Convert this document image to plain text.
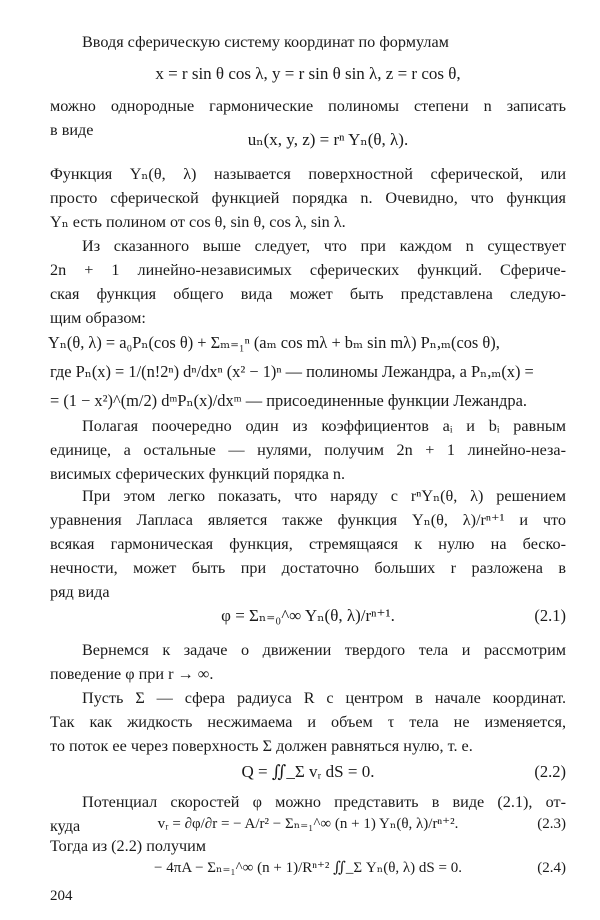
Вводя сферическую систему координат по формулам
x = r sin θ cos λ, y = r sin θ sin λ, z = r cos θ,
можно однородные гармонические полиномы степени n записать
в виде	uₙ(x, y, z) = rⁿ Yₙ(θ, λ).
Функция Yₙ(θ, λ) называется поверхностной сферической, или
просто сферической функцией порядка n. Очевидно, что функция
Yₙ есть полином от cos θ, sin θ, cos λ, sin λ.
Из сказанного выше следует, что при каждом n существует
2n + 1 линейно-независимых сферических функций. Сфериче-
ская функция общего вида может быть представлена следую-
щим образом:
Yₙ(θ, λ) = a₀Pₙ(cos θ) + Σₘ₌₁ⁿ (aₘ cos mλ + bₘ sin mλ) Pₙ,ₘ(cos θ),
где Pₙ(x) = 1/(n!2ⁿ) dⁿ/dxⁿ (x² − 1)ⁿ — полиномы Лежандра, а Pₙ,ₘ(x) =
= (1 − x²)^(m/2) dᵐPₙ(x)/dxᵐ — присоединенные функции Лежандра.
Полагая поочередно один из коэффициентов aᵢ и bᵢ равным
единице, а остальные — нулями, получим 2n + 1 линейно-неза-
висимых сферических функций порядка n.
При этом легко показать, что наряду с rⁿYₙ(θ, λ) решением
уравнения Лапласа является также функция Yₙ(θ, λ)/rⁿ⁺¹ и что
всякая гармоническая функция, стремящаяся к нулю на беско-
нечности, может быть при достаточно больших r разложена в
ряд вида
φ = Σₙ₌₀^∞ Yₙ(θ, λ)/rⁿ⁺¹.	(2.1)
Вернемся к задаче о движении твердого тела и рассмотрим
поведение φ при r → ∞.
Пусть Σ — сфера радиуса R с центром в начале координат.
Так как жидкость несжимаема и объем τ тела не изменяется,
то поток ее через поверхность Σ должен равняться нулю, т. е.
Q = ∬_Σ vᵣ dS = 0.	(2.2)
204
Потенциал скоростей φ можно представить в виде (2.1), от-
куда	vᵣ = ∂φ/∂r = − A/r² − Σₙ₌₁^∞ (n + 1) Yₙ(θ, λ)/rⁿ⁺².	(2.3)
Тогда из (2.2) получим
− 4πA − Σₙ₌₁^∞ (n + 1)/Rⁿ⁺² ∬_Σ Yₙ(θ, λ) dS = 0.	(2.4)
